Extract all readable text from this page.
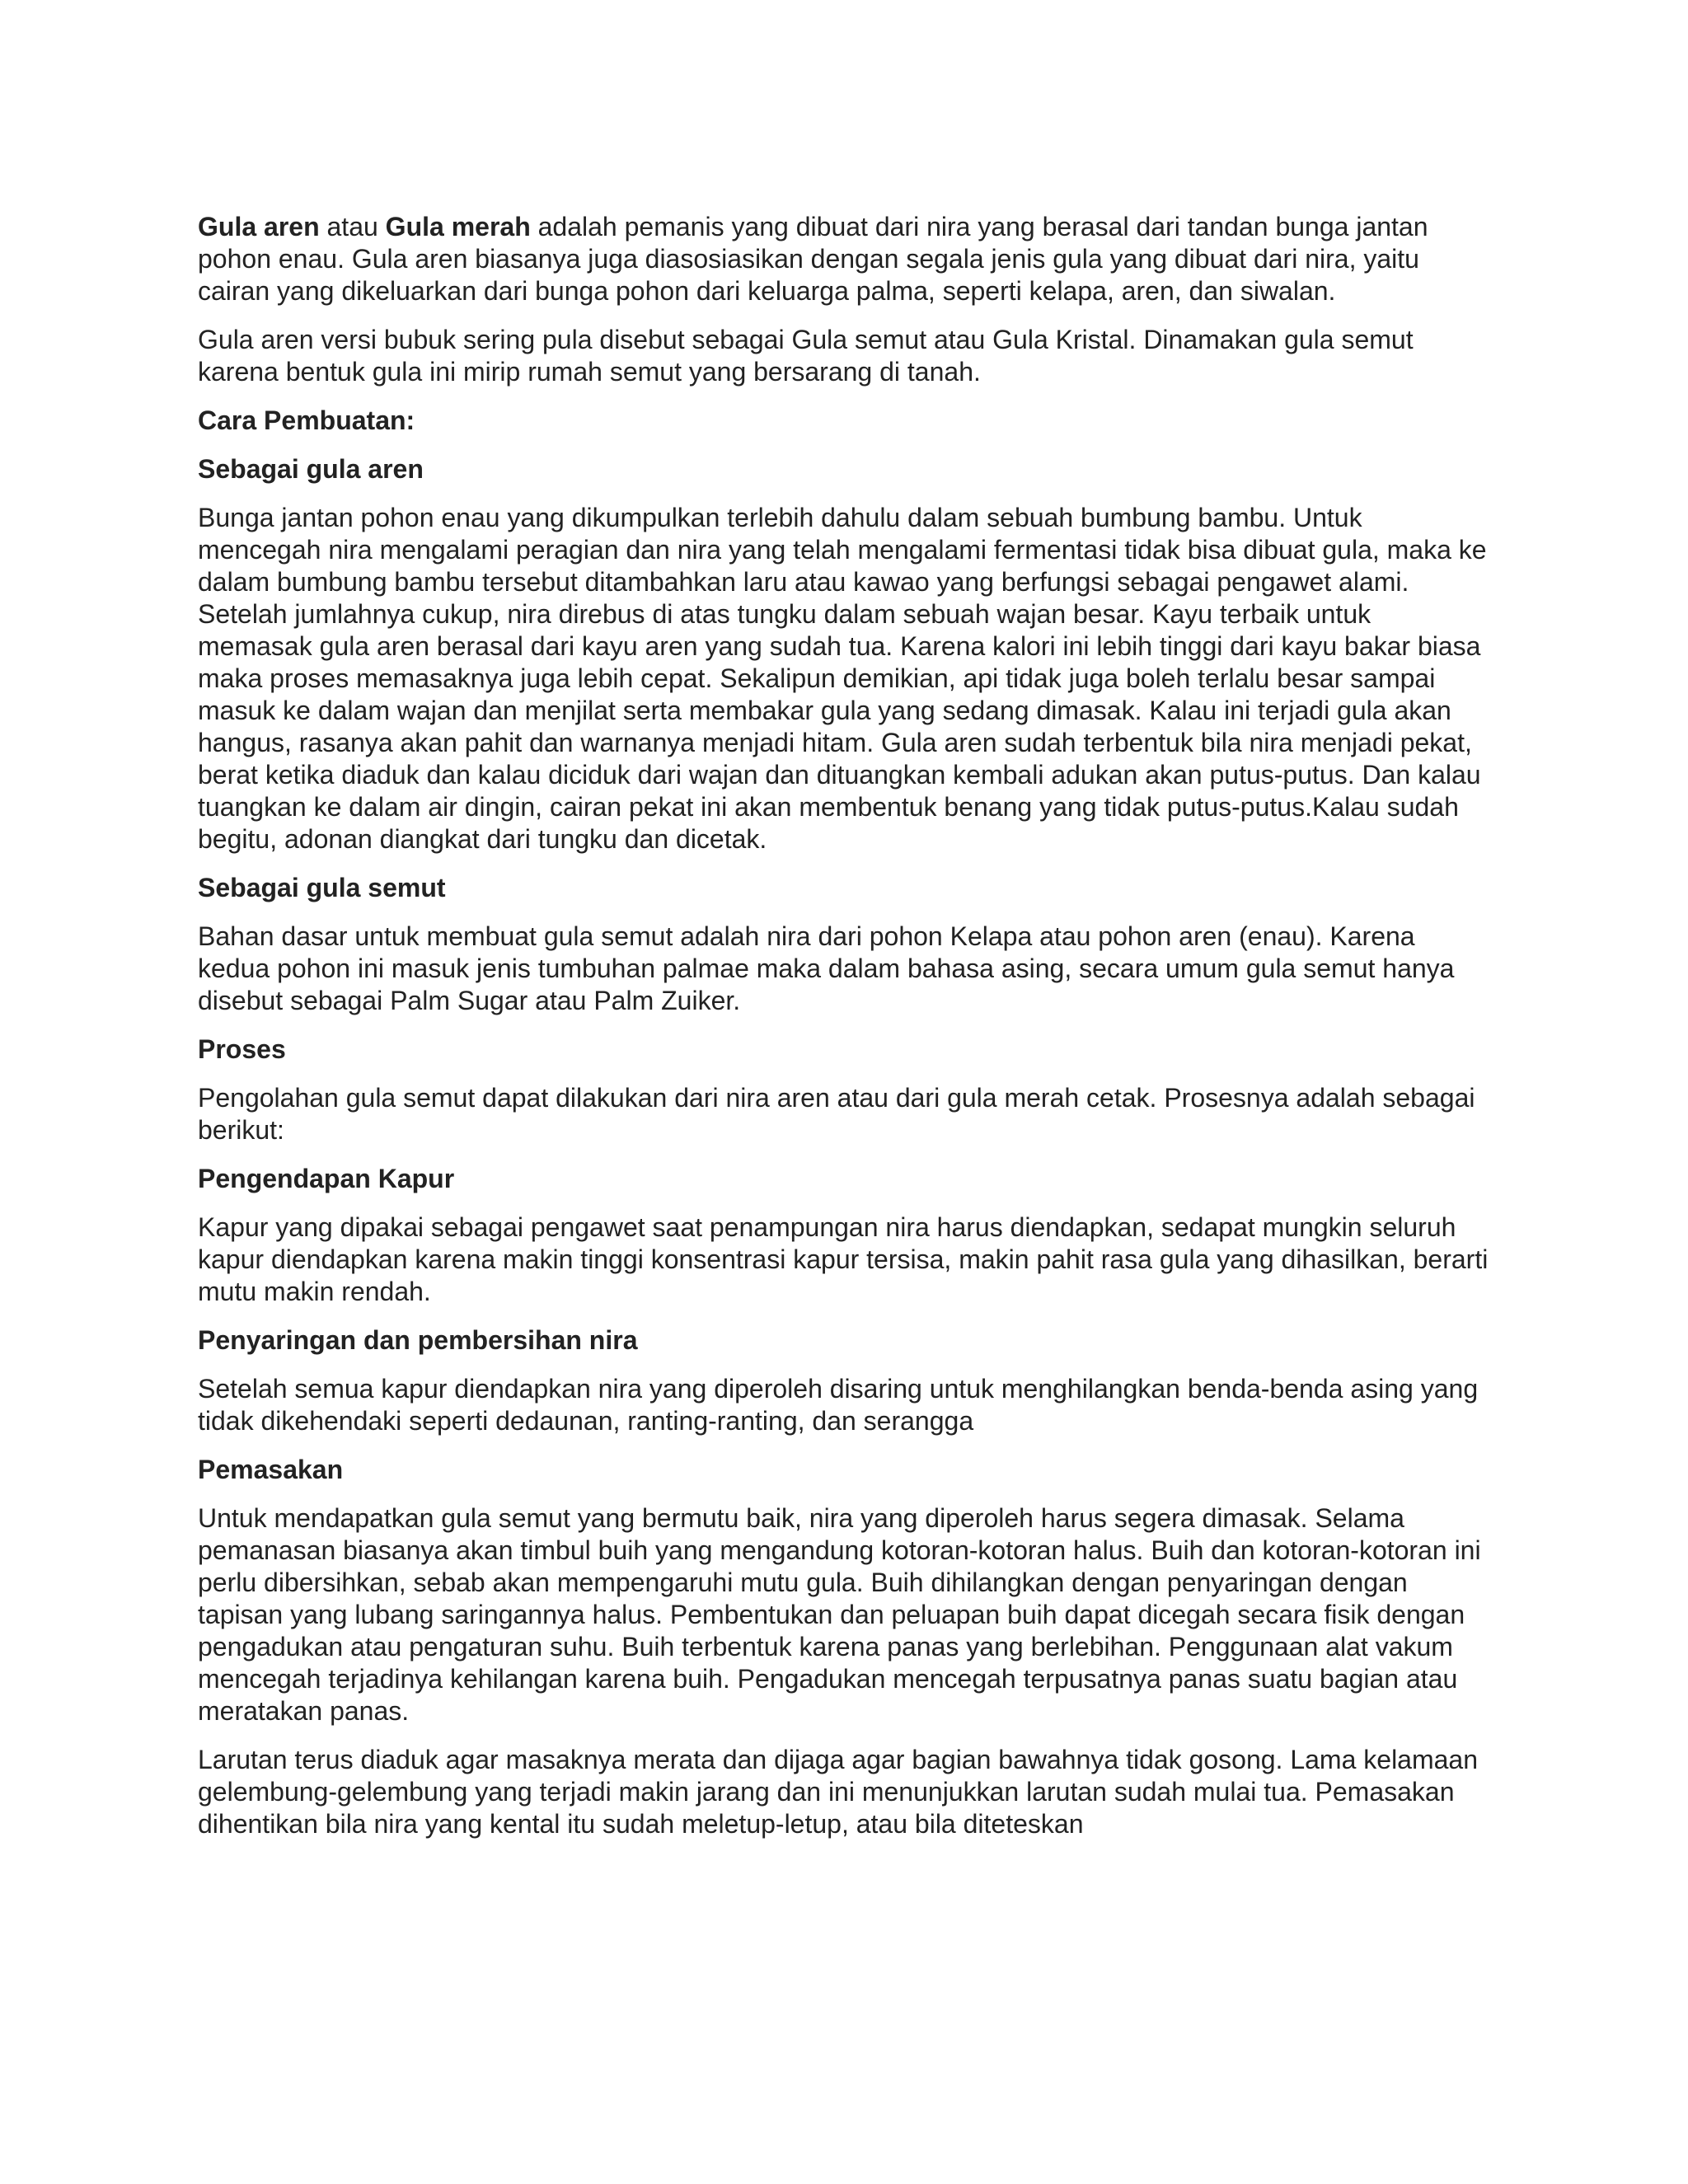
Gula aren atau Gula merah adalah pemanis yang dibuat dari nira yang berasal dari tandan bunga jantan pohon enau. Gula aren biasanya juga diasosiasikan dengan segala jenis gula yang dibuat dari nira, yaitu cairan yang dikeluarkan dari bunga pohon dari keluarga palma, seperti kelapa, aren, dan siwalan.

Gula aren versi bubuk sering pula disebut sebagai Gula semut atau Gula Kristal. Dinamakan gula semut karena bentuk gula ini mirip rumah semut yang bersarang di tanah.

Cara Pembuatan:
Sebagai gula aren

Bunga jantan pohon enau yang dikumpulkan terlebih dahulu dalam sebuah bumbung bambu. Untuk mencegah nira mengalami peragian dan nira yang telah mengalami fermentasi tidak bisa dibuat gula, maka ke dalam bumbung bambu tersebut ditambahkan laru atau kawao yang berfungsi sebagai pengawet alami. Setelah jumlahnya cukup, nira direbus di atas tungku dalam sebuah wajan besar. Kayu terbaik untuk memasak gula aren berasal dari kayu aren yang sudah tua. Karena kalori ini lebih tinggi dari kayu bakar biasa maka proses memasaknya juga lebih cepat. Sekalipun demikian, api tidak juga boleh terlalu besar sampai masuk ke dalam wajan dan menjilat serta membakar gula yang sedang dimasak. Kalau ini terjadi gula akan hangus, rasanya akan pahit dan warnanya menjadi hitam. Gula aren sudah terbentuk bila nira menjadi pekat, berat ketika diaduk dan kalau diciduk dari wajan dan dituangkan kembali adukan akan putus-putus. Dan kalau tuangkan ke dalam air dingin, cairan pekat ini akan membentuk benang yang tidak putus-putus.Kalau sudah begitu, adonan diangkat dari tungku dan dicetak.

Sebagai gula semut

Bahan dasar untuk membuat gula semut adalah nira dari pohon Kelapa atau pohon aren (enau). Karena kedua pohon ini masuk jenis tumbuhan palmae maka dalam bahasa asing, secara umum gula semut hanya disebut sebagai Palm Sugar atau Palm Zuiker.

Proses

Pengolahan gula semut dapat dilakukan dari nira aren atau dari gula merah cetak. Prosesnya adalah sebagai berikut:

Pengendapan Kapur

Kapur yang dipakai sebagai pengawet saat penampungan nira harus diendapkan, sedapat mungkin seluruh kapur diendapkan karena makin tinggi konsentrasi kapur tersisa, makin pahit rasa gula yang dihasilkan, berarti mutu makin rendah.

Penyaringan dan pembersihan nira

Setelah semua kapur diendapkan nira yang diperoleh disaring untuk menghilangkan benda-benda asing yang tidak dikehendaki seperti dedaunan, ranting-ranting, dan serangga

Pemasakan

Untuk mendapatkan gula semut yang bermutu baik, nira yang diperoleh harus segera dimasak. Selama pemanasan biasanya akan timbul buih yang mengandung kotoran-kotoran halus. Buih dan kotoran-kotoran ini perlu dibersihkan, sebab akan mempengaruhi mutu gula. Buih dihilangkan dengan penyaringan dengan tapisan yang lubang saringannya halus. Pembentukan dan peluapan buih dapat dicegah secara fisik dengan pengadukan atau pengaturan suhu. Buih terbentuk karena panas yang berlebihan. Penggunaan alat vakum mencegah terjadinya kehilangan karena buih. Pengadukan mencegah terpusatnya panas suatu bagian atau meratakan panas.

Larutan terus diaduk agar masaknya merata dan dijaga agar bagian bawahnya tidak gosong. Lama kelamaan gelembung-gelembung yang terjadi makin jarang dan ini menunjukkan larutan sudah mulai tua. Pemasakan dihentikan bila nira yang kental itu sudah meletup-letup, atau bila diteteskan
